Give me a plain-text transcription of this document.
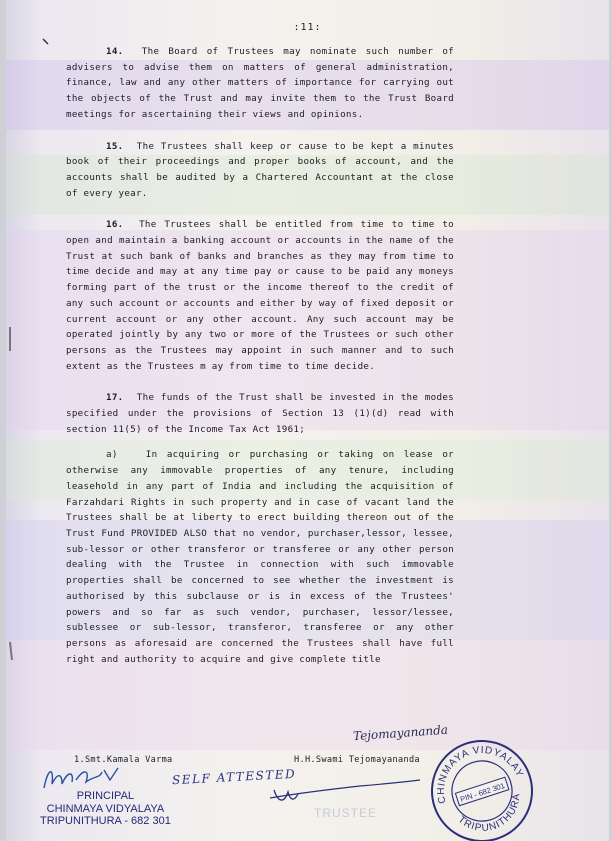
:11:

14. The Board of Trustees may nominate such number of advisers to advise them on matters of general administration, finance, law and any other matters of importance for carrying out the objects of the Trust and may invite them to the Trust Board meetings for ascertaining their views and opinions.

15. The Trustees shall keep or cause to be kept a minutes book of their proceedings and proper books of account, and the accounts shall be audited by a Chartered Accountant at the close of every year.

16. The Trustees shall be entitled from time to time to open and maintain a banking account or accounts in the name of the Trust at such bank of banks and branches as they may from time to time decide and may at any time pay or cause to be paid any moneys forming part of the trust or the income thereof to the credit of any such account or accounts and either by way of fixed deposit or current account or any other account. Any such account may be operated jointly by any two or more of the Trustees or such other persons as the Trustees may appoint in such manner and to such extent as the Trustees m ay from time to time decide.

17. The funds of the Trust shall be invested in the modes specified under the provisions of Section 13 (1)(d) read with section 11(5) of the Income Tax Act 1961;

a)	In acquiring or purchasing or taking on lease or otherwise any immovable properties of any tenure, including leasehold in any part of India and including the acquisition of Farzahdari Rights in such property and in case of vacant land the Trustees shall be at liberty to erect building thereon out of the Trust Fund PROVIDED ALSO that no vendor, purchaser,lessor, lessee, sub-lessor or other transferor or transferee or any other person dealing with the Trustee in connection with such immovable properties shall be concerned to see whether the investment is authorised by this subclause or is in excess of the Trustees' powers and so far as such vendor, purchaser, lessor/lessee, sublessee or sub-lessor, transferor, transferee or any other persons as aforesaid are concerned the Trustees shall have full right and authority to acquire and give complete title

Tejomayananda
1.Smt.Kamala Varma	H.H.Swami Tejomayananda
SELF ATTESTED
PRINCIPAL
CHINMAYA VIDYALAYA
TRIPUNITHURA - 682 301
TRUSTEE
CHINMAYA VIDYALAYA
TRIPUNITHURA
PIN - 682 301
